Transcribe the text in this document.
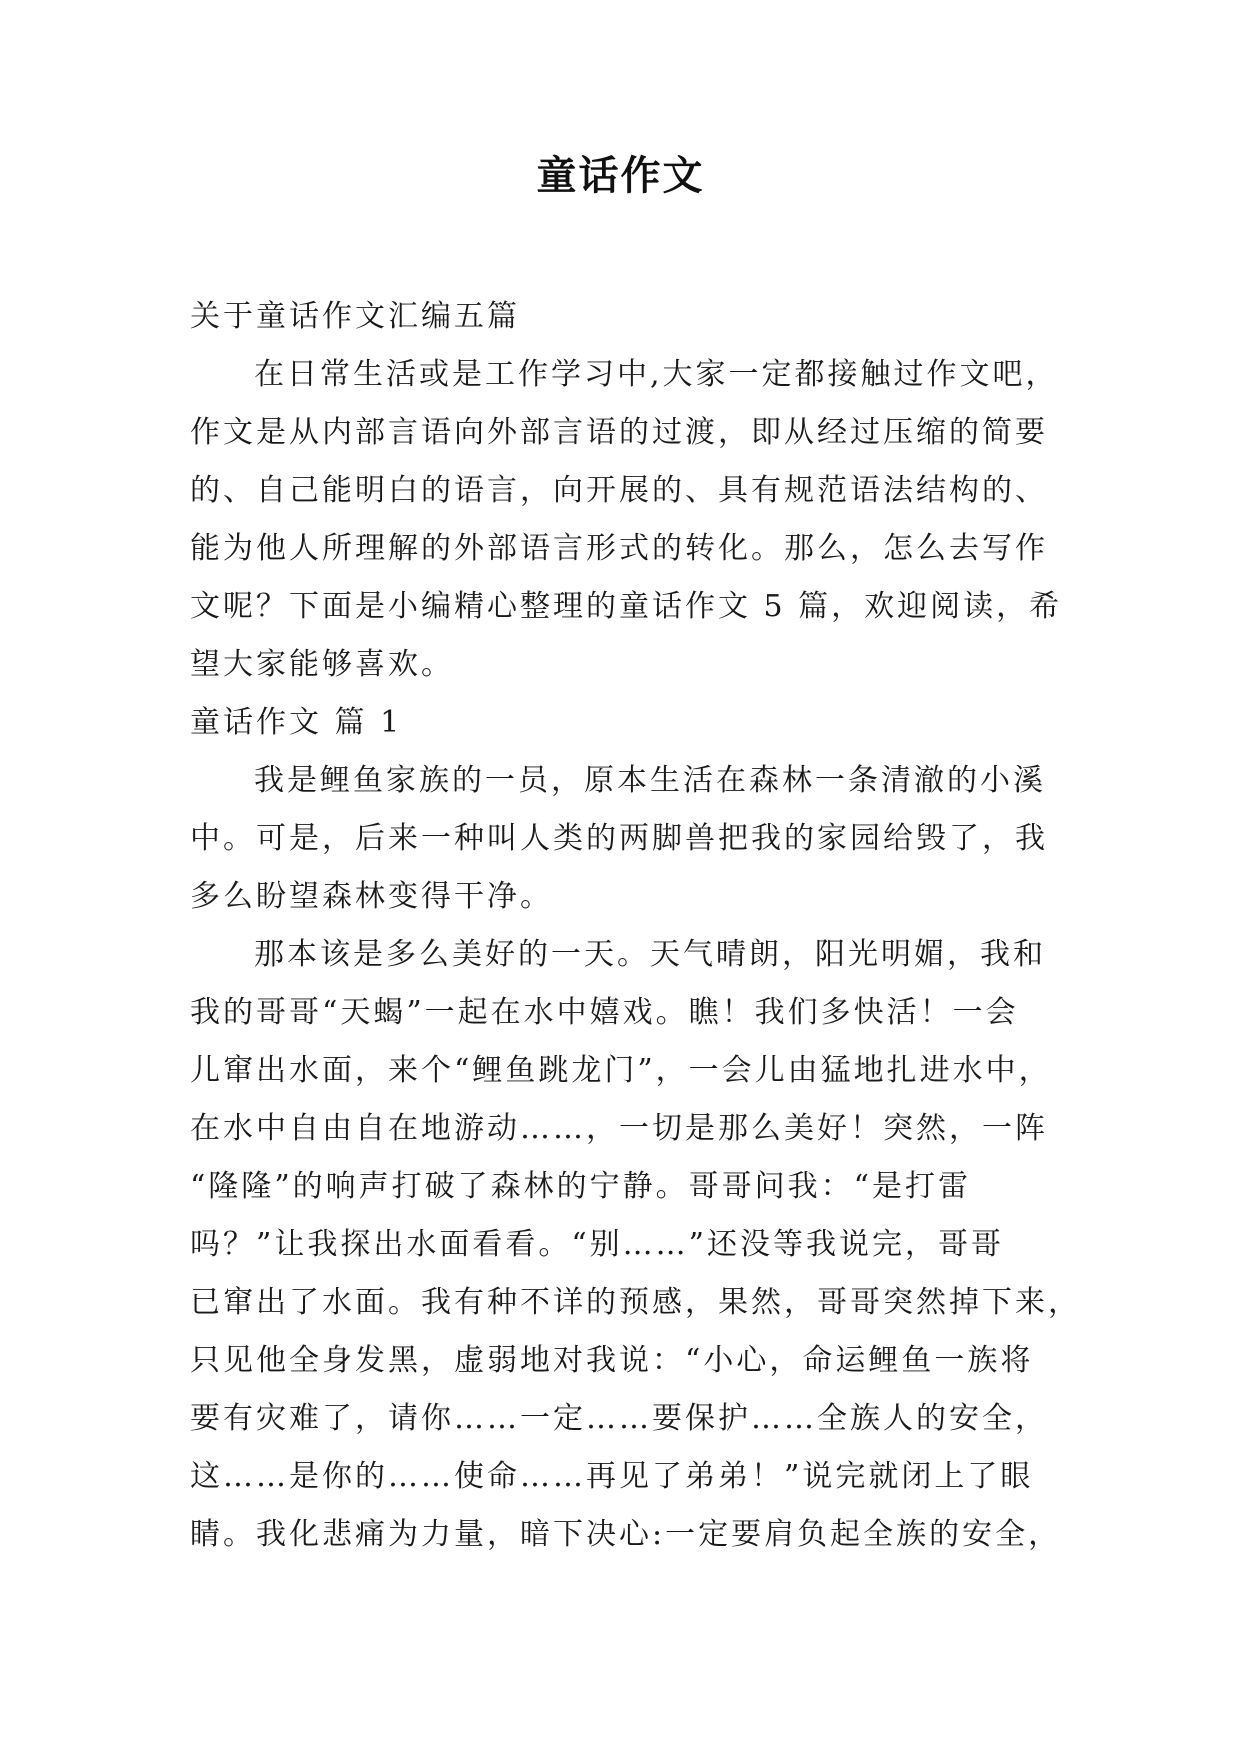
童话作文
关于童话作文汇编五篇
在日常生活或是工作学习中,大家一定都接触过作文吧，
作文是从内部言语向外部言语的过渡，即从经过压缩的简要
的、自己能明白的语言，向开展的、具有规范语法结构的、
能为他人所理解的外部语言形式的转化。那么，怎么去写作
文呢？下面是小编精心整理的童话作文 5 篇，欢迎阅读，希
望大家能够喜欢。
童话作文 篇 1
我是鲤鱼家族的一员，原本生活在森林一条清澈的小溪
中。可是，后来一种叫人类的两脚兽把我的家园给毁了，我
多么盼望森林变得干净。
那本该是多么美好的一天。天气晴朗，阳光明媚，我和
我的哥哥“天蝎”一起在水中嬉戏。瞧！我们多快活！一会
儿窜出水面，来个“鲤鱼跳龙门”，一会儿由猛地扎进水中，
在水中自由自在地游动……，一切是那么美好！突然，一阵
“隆隆”的响声打破了森林的宁静。哥哥问我：“是打雷
吗？”让我探出水面看看。“别……”还没等我说完，哥哥
已窜出了水面。我有种不详的预感，果然，哥哥突然掉下来，
只见他全身发黑，虚弱地对我说：“小心，命运鲤鱼一族将
要有灾难了，请你……一定……要保护……全族人的安全，
这……是你的……使命……再见了弟弟！”说完就闭上了眼
睛。我化悲痛为力量，暗下决心:一定要肩负起全族的安全，
